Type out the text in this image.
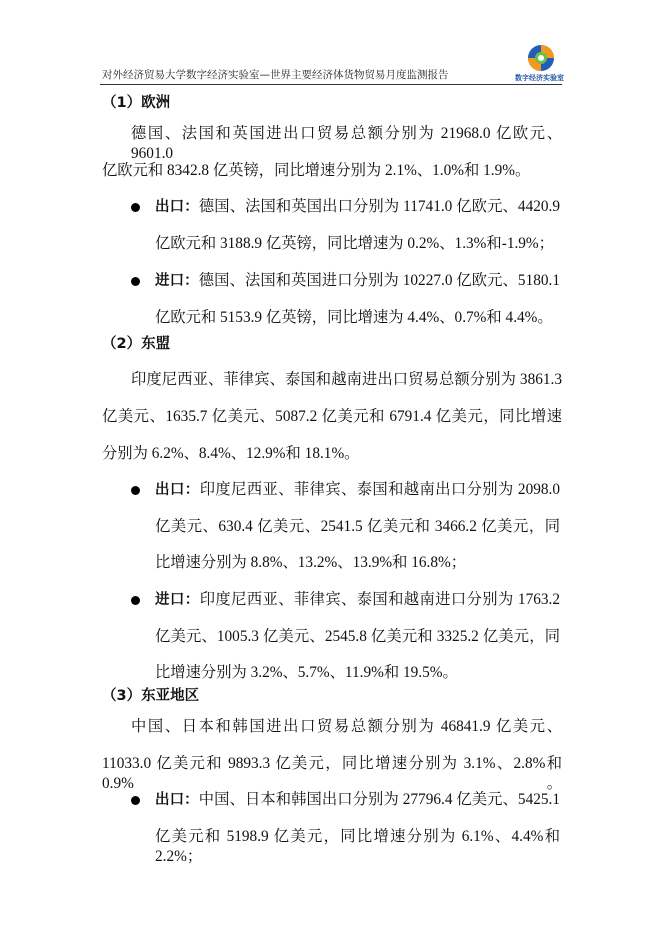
对外经济贸易大学数字经济实验室—世界主要经济体货物贸易月度监测报告	数字经济实验室
（1）欧洲
德国、法国和英国进出口贸易总额分别为 21968.0 亿欧元、9601.0
亿欧元和 8342.8 亿英镑，同比增速分别为 2.1%、1.0%和 1.9%。
出口：德国、法国和英国出口分别为 11741.0 亿欧元、4420.9
亿欧元和 3188.9 亿英镑，同比增速为 0.2%、1.3%和-1.9%；
进口：德国、法国和英国进口分别为 10227.0 亿欧元、5180.1
亿欧元和 5153.9 亿英镑，同比增速为 4.4%、0.7%和 4.4%。
（2）东盟
印度尼西亚、菲律宾、泰国和越南进出口贸易总额分别为 3861.3
亿美元、1635.7 亿美元、5087.2 亿美元和 6791.4 亿美元，同比增速
分别为 6.2%、8.4%、12.9%和 18.1%。
出口：印度尼西亚、菲律宾、泰国和越南出口分别为 2098.0
亿美元、630.4 亿美元、2541.5 亿美元和 3466.2 亿美元，同
比增速分别为 8.8%、13.2%、13.9%和 16.8%；
进口：印度尼西亚、菲律宾、泰国和越南进口分别为 1763.2
亿美元、1005.3 亿美元、2545.8 亿美元和 3325.2 亿美元，同
比增速分别为 3.2%、5.7%、11.9%和 19.5%。
（3）东亚地区
中国、日本和韩国进出口贸易总额分别为 46841.9 亿美元、
11033.0 亿美元和 9893.3 亿美元，同比增速分别为 3.1%、2.8%和 0.9%。
出口：中国、日本和韩国出口分别为 27796.4 亿美元、5425.1
亿美元和 5198.9 亿美元，同比增速分别为 6.1%、4.4%和 2.2%；
